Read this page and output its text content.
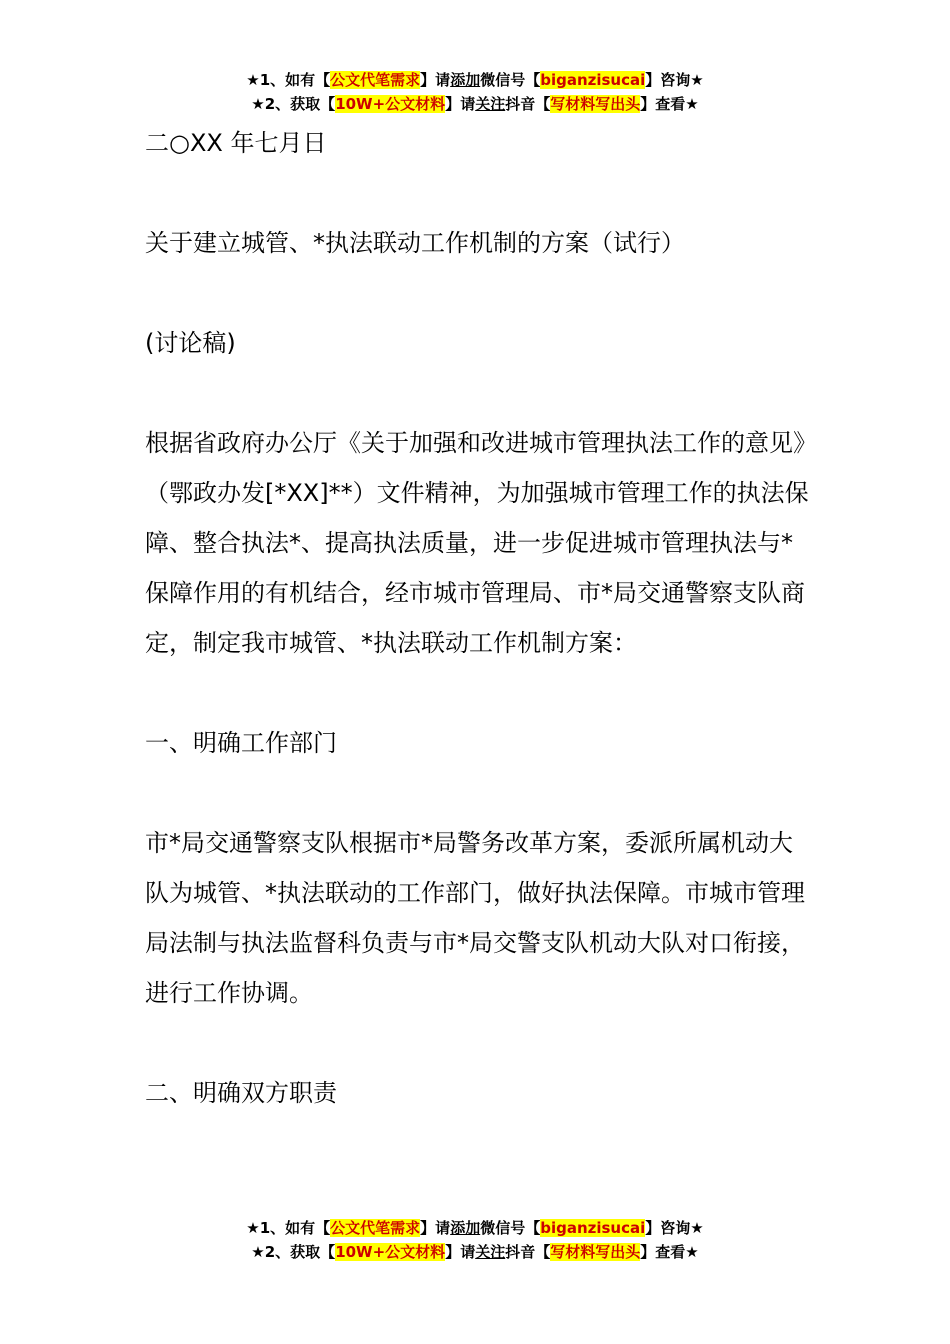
★1、如有【公文代笔需求】请添加微信号【biganzisucai】咨询★
★2、获取【10W+公文材料】请关注抖音【写材料写出头】查看★

二○XX 年七月日

关于建立城管、*执法联动工作机制的方案（试行）

(讨论稿)

根据省政府办公厅《关于加强和改进城市管理执法工作的意见》（鄂政办发[*XX]**）文件精神，为加强城市管理工作的执法保障、整合执法*、提高执法质量，进一步促进城市管理执法与*保障作用的有机结合，经市城市管理局、市*局交通警察支队商定，制定我市城管、*执法联动工作机制方案：

一、明确工作部门

市*局交通警察支队根据市*局警务改革方案，委派所属机动大队为城管、*执法联动的工作部门，做好执法保障。市城市管理局法制与执法监督科负责与市*局交警支队机动大队对口衔接，进行工作协调。

二、明确双方职责

★1、如有【公文代笔需求】请添加微信号【biganzisucai】咨询★
★2、获取【10W+公文材料】请关注抖音【写材料写出头】查看★
